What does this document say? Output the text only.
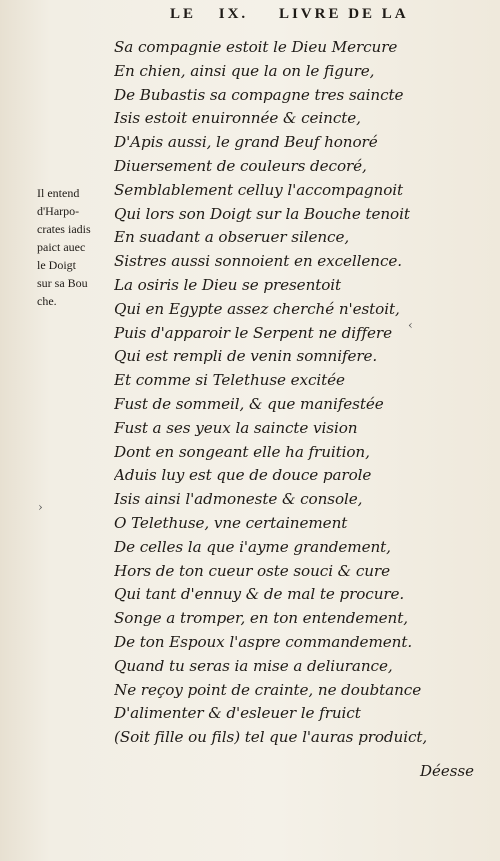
LE IX. LIVRE DE LA
Sa compagnie estoit le Dieu Mercure
En chien, ainsi que la on le figure,
De Bubastis sa compagne tres saincte
Isis estoit enuironnée & ceincte,
D'Apis aussi, le grand Beuf honoré
Diuersement de couleurs decoré,
Semblablement celluy l'accompagnoit
Qui lors son Doigt sur la Bouche tenoit
En suadant a obseruer silence,
Sistres aussi sonnoient en excellence.
La osiris le Dieu se presentoit
Qui en Egypte assez cherché n'estoit,
Puis d'apparoir le Serpent ne differe
Qui est rempli de venin somnifere.
Et comme si Telethuse excitée
Fust de sommeil, & que manifestée
Fust a ses yeux la saincte vision
Dont en songeant elle ha fruition,
Aduis luy est que de douce parole
Isis ainsi l'admoneste & console,
O Telethuse, vne certainement
De celles la que i'ayme grandement,
Hors de ton cueur oste souci & cure
Qui tant d'ennuy & de mal te procure.
Songe a tromper, en ton entendement,
De ton Espoux l'aspre commandement.
Quand tu seras ia mise a deliurance,
Ne reçoy point de crainte, ne doubtance
D'alimenter & d'esleuer le fruict
(Soit fille ou fils) tel que l'auras produict,
Il entend
d'Harpo-
crates iadis
paict auec
le Doigt
sur sa Bou
che.
Déesse
‹
›
